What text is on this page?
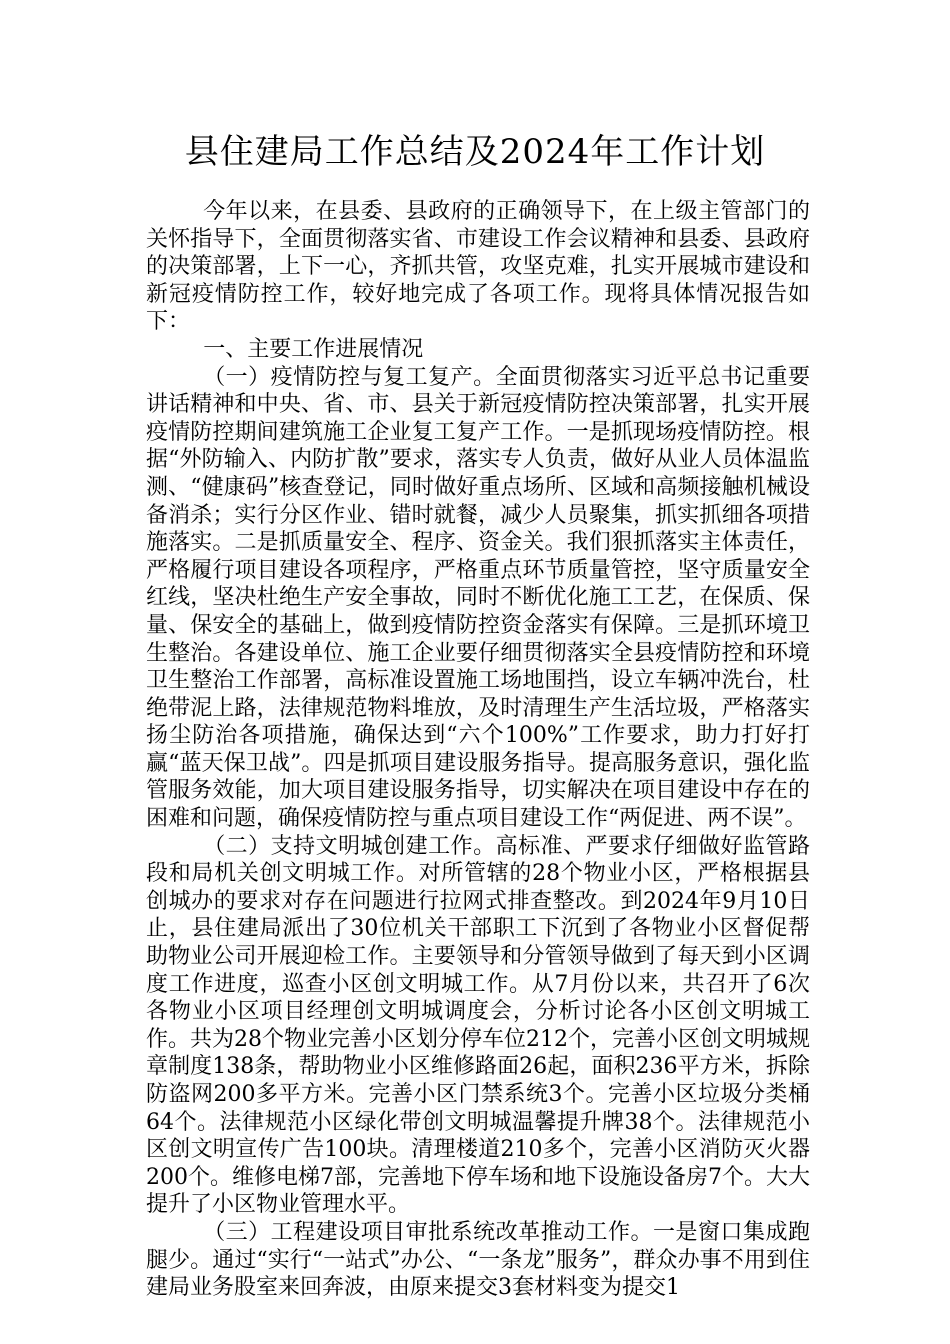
县住建局工作总结及2024年工作计划

今年以来，在县委、县政府的正确领导下，在上级主管部门的关怀指导下，全面贯彻落实省、市建设工作会议精神和县委、县政府的决策部署，上下一心，齐抓共管，攻坚克难，扎实开展城市建设和新冠疫情防控工作，较好地完成了各项工作。现将具体情况报告如下：

一、主要工作进展情况

（一）疫情防控与复工复产。全面贯彻落实习近平总书记重要讲话精神和中央、省、市、县关于新冠疫情防控决策部署，扎实开展疫情防控期间建筑施工企业复工复产工作。一是抓现场疫情防控。根据“外防输入、内防扩散”要求，落实专人负责，做好从业人员体温监测、“健康码”核查登记，同时做好重点场所、区域和高频接触机械设备消杀；实行分区作业、错时就餐，减少人员聚集，抓实抓细各项措施落实。二是抓质量安全、程序、资金关。我们狠抓落实主体责任，严格履行项目建设各项程序，严格重点环节质量管控，坚守质量安全红线，坚决杜绝生产安全事故，同时不断优化施工工艺，在保质、保量、保安全的基础上，做到疫情防控资金落实有保障。三是抓环境卫生整治。各建设单位、施工企业要仔细贯彻落实全县疫情防控和环境卫生整治工作部署，高标准设置施工场地围挡，设立车辆冲洗台，杜绝带泥上路，法律规范物料堆放，及时清理生产生活垃圾，严格落实扬尘防治各项措施，确保达到“六个100%”工作要求，助力打好打赢“蓝天保卫战”。四是抓项目建设服务指导。提高服务意识，强化监管服务效能，加大项目建设服务指导，切实解决在项目建设中存在的困难和问题，确保疫情防控与重点项目建设工作“两促进、两不误”。

（二）支持文明城创建工作。高标准、严要求仔细做好监管路段和局机关创文明城工作。对所管辖的28个物业小区，严格根据县创城办的要求对存在问题进行拉网式排查整改。到2024年9月10日止，县住建局派出了30位机关干部职工下沉到了各物业小区督促帮助物业公司开展迎检工作。主要领导和分管领导做到了每天到小区调度工作进度，巡查小区创文明城工作。从7月份以来，共召开了6次各物业小区项目经理创文明城调度会，分析讨论各小区创文明城工作。共为28个物业完善小区划分停车位212个，完善小区创文明城规章制度138条，帮助物业小区维修路面26起，面积236平方米，拆除防盗网200多平方米。完善小区门禁系统3个。完善小区垃圾分类桶64个。法律规范小区绿化带创文明城温馨提升牌38个。法律规范小区创文明宣传广告100块。清理楼道210多个，完善小区消防灭火器200个。维修电梯7部，完善地下停车场和地下设施设备房7个。大大提升了小区物业管理水平。

（三）工程建设项目审批系统改革推动工作。一是窗口集成跑腿少。通过“实行“一站式”办公、“一条龙”服务”，群众办事不用到住建局业务股室来回奔波，由原来提交3套材料变为提交1
